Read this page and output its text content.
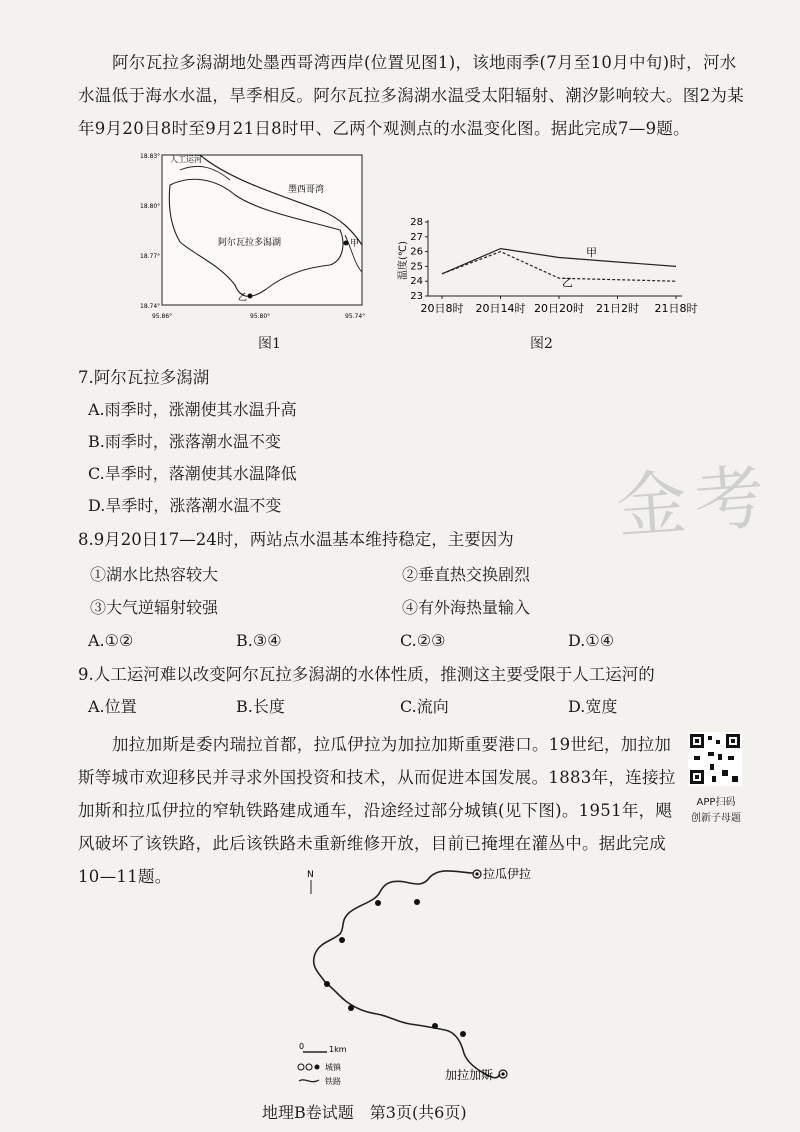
阿尔瓦拉多潟湖地处墨西哥湾西岸(位置见图1)，该地雨季(7月至10月中旬)时，河水水温低于海水水温，旱季相反。阿尔瓦拉多潟湖水温受太阳辐射、潮汐影响较大。图2为某年9月20日8时至9月21日8时甲、乙两个观测点的水温变化图。据此完成7—9题。
人工运河
墨西哥湾
阿尔瓦拉多潟湖	甲
乙
18.83°
18.80°
18.77°
18.74°
95.86°	95.80°	95.74°
图1
温度(℃)
28
27
26
25
24
23
20日8时 20日14时 20日20时 21日2时 21日8时
甲
乙
图2
7.阿尔瓦拉多潟湖
A.雨季时，涨潮使其水温升高
B.雨季时，涨落潮水温不变
C.旱季时，落潮使其水温降低
D.旱季时，涨落潮水温不变
8.9月20日17—24时，两站点水温基本维持稳定，主要因为
①湖水比热容较大	②垂直热交换剧烈
③大气逆辐射较强	④有外海热量输入
A.①②	B.③④	C.②③	D.①④
9.人工运河难以改变阿尔瓦拉多潟湖的水体性质，推测这主要受限于人工运河的
A.位置	B.长度	C.流向	D.宽度
加拉加斯是委内瑞拉首都，拉瓜伊拉为加拉加斯重要港口。19世纪，加拉加斯等城市欢迎移民并寻求外国投资和技术，从而促进本国发展。1883年，连接拉加斯和拉瓜伊拉的窄轨铁路建成通车，沿途经过部分城镇(见下图)。1951年，飓风破坏了该铁路，此后该铁路未重新维修开放，目前已掩埋在灌丛中。据此完成10—11题。
APP扫码
创新子母题
N	拉瓜伊拉
加拉加斯
0	1km
城镇
铁路
金考
地理B卷试题　第3页(共6页)
